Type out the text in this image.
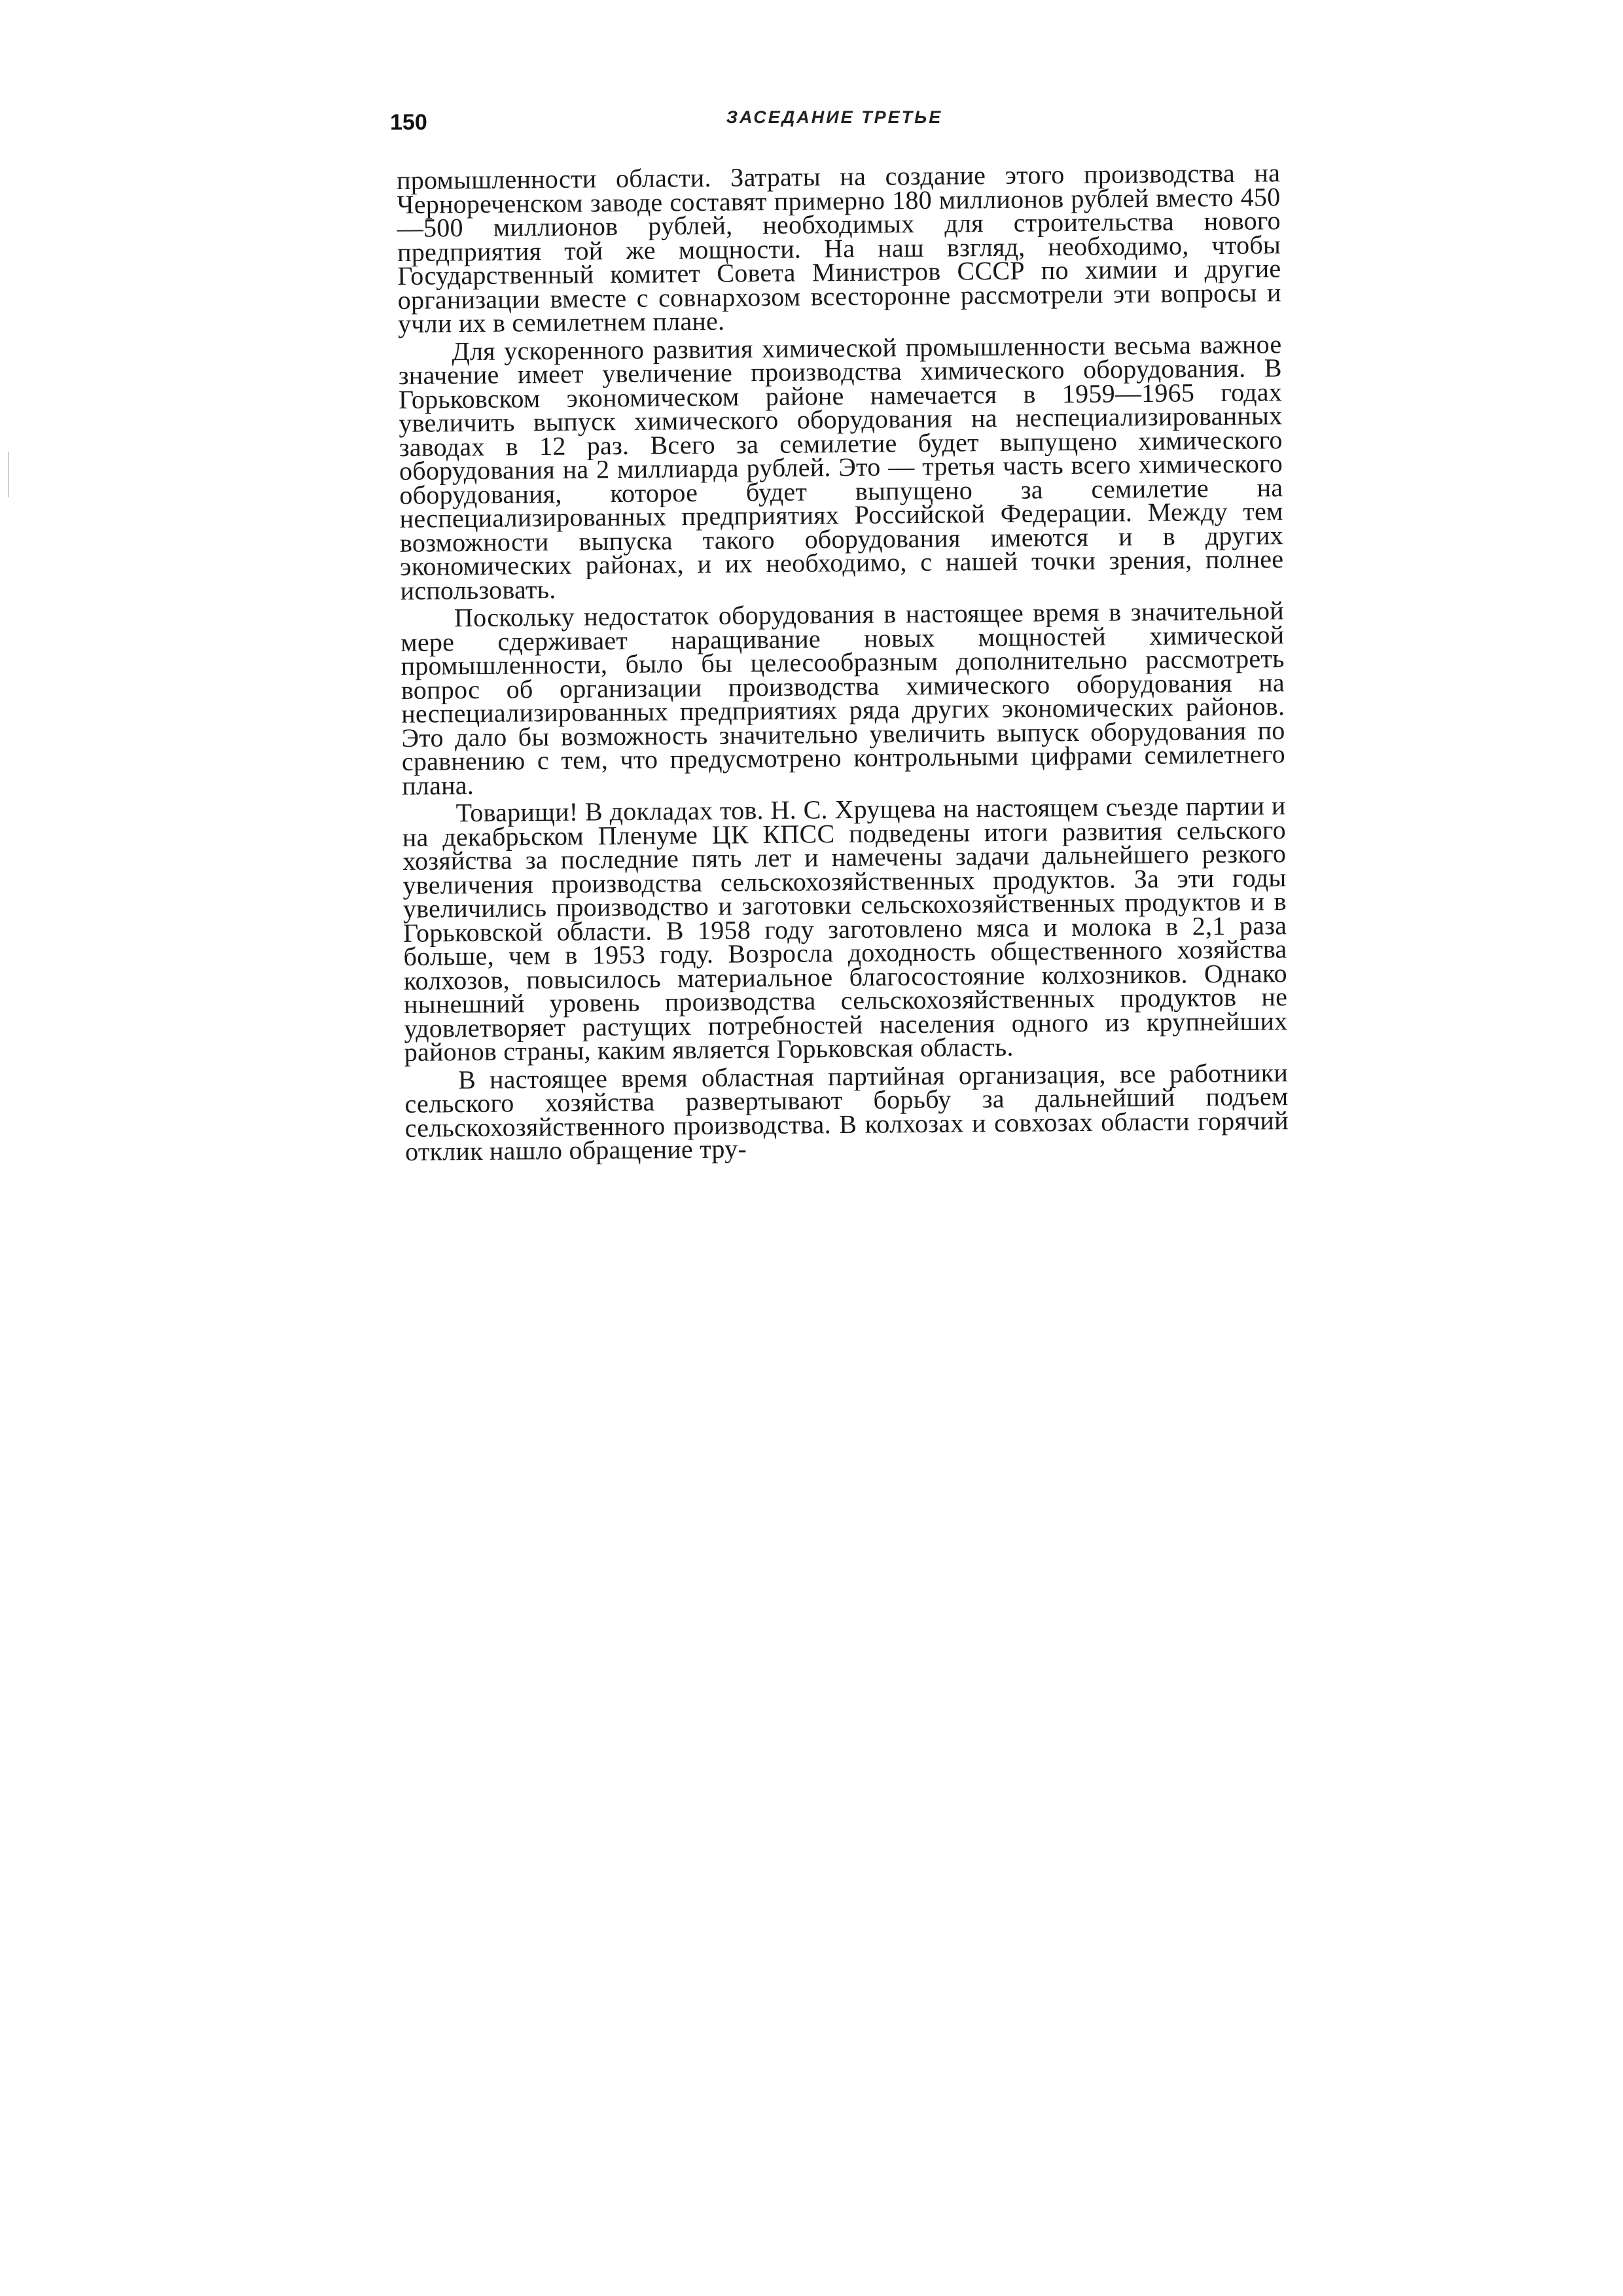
150	ЗАСЕДАНИЕ ТРЕТЬЕ

промышленности области. Затраты на создание этого производства на Чернореченском заводе составят примерно 180 миллионов рублей вместо 450—500 миллионов рублей, необходимых для строительства нового предприятия той же мощности. На наш взгляд, необходимо, чтобы Государственный комитет Совета Министров СССР по химии и другие организации вместе с совнархозом всесторонне рассмотрели эти вопросы и учли их в семилетнем плане.

Для ускоренного развития химической промышленности весьма важное значение имеет увеличение производства химического оборудования. В Горьковском экономическом районе намечается в 1959—1965 годах увеличить выпуск химического оборудования на неспециализированных заводах в 12 раз. Всего за семилетие будет выпущено химического оборудования на 2 миллиарда рублей. Это — третья часть всего химического оборудования, которое будет выпущено за семилетие на неспециализированных предприятиях Российской Федерации. Между тем возможности выпуска такого оборудования имеются и в других экономических районах, и их необходимо, с нашей точки зрения, полнее использовать.

Поскольку недостаток оборудования в настоящее время в значительной мере сдерживает наращивание новых мощностей химической промышленности, было бы целесообразным дополнительно рассмотреть вопрос об организации производства химического оборудования на неспециализированных предприятиях ряда других экономических районов. Это дало бы возможность значительно увеличить выпуск оборудования по сравнению с тем, что предусмотрено контрольными цифрами семилетнего плана.

Товарищи! В докладах тов. Н. С. Хрущева на настоящем съезде партии и на декабрьском Пленуме ЦК КПСС подведены итоги развития сельского хозяйства за последние пять лет и намечены задачи дальнейшего резкого увеличения производства сельскохозяйственных продуктов. За эти годы увеличились производство и заготовки сельскохозяйственных продуктов и в Горьковской области. В 1958 году заготовлено мяса и молока в 2,1 раза больше, чем в 1953 году. Возросла доходность общественного хозяйства колхозов, повысилось материальное благосостояние колхозников. Однако нынешний уровень производства сельскохозяйственных продуктов не удовлетворяет растущих потребностей населения одного из крупнейших районов страны, каким является Горьковская область.

В настоящее время областная партийная организация, все работники сельского хозяйства развертывают борьбу за дальнейший подъем сельскохозяйственного производства. В колхозах и совхозах области горячий отклик нашло обращение тру-
